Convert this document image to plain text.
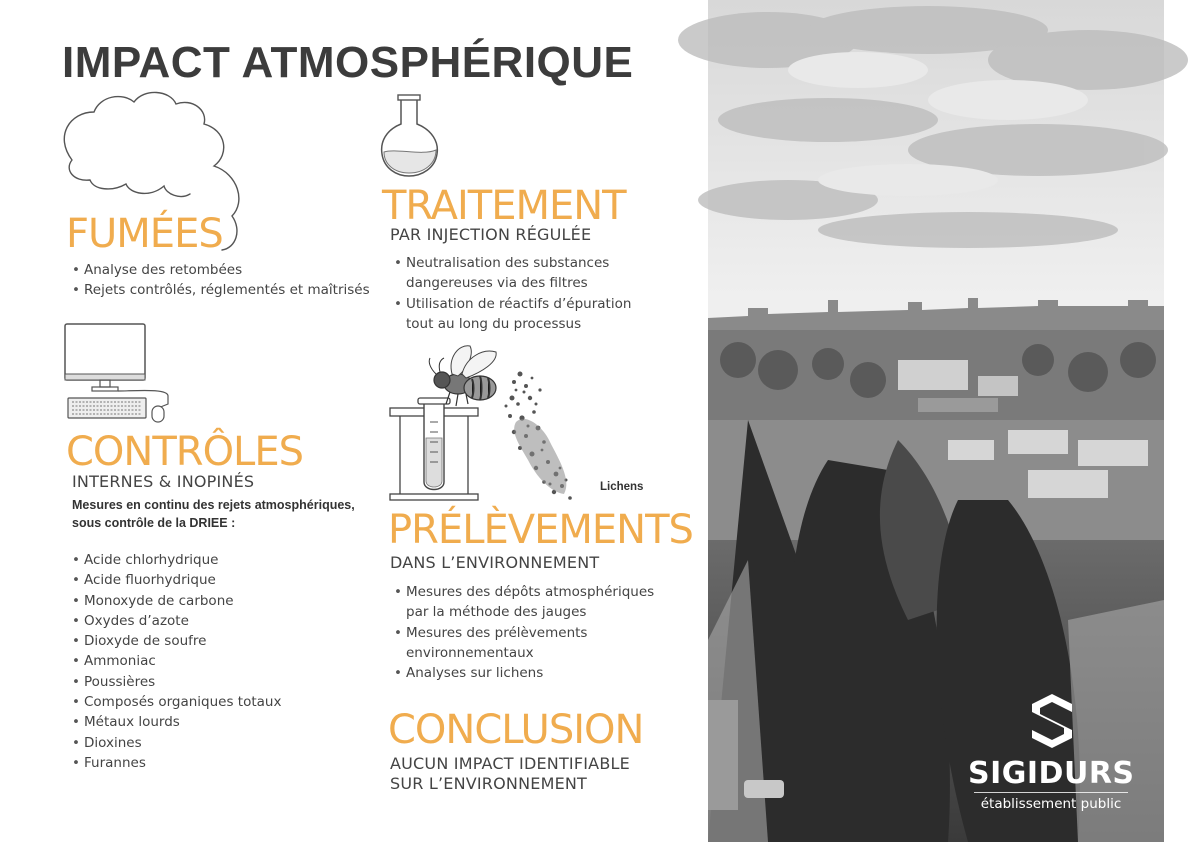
IMPACT ATMOSPHÉRIQUE
FUMÉES
• Analyse des retombées
• Rejets contrôlés, réglementés et maîtrisés
CONTRÔLES

INTERNES & INOPINÉS

Mesures en continu des rejets atmosphériques,

sous contrôle de la DRIEE :

• Acide chlorhydrique
• Acide fluorhydrique
• Monoxyde de carbone
• Oxydes d’azote
• Dioxyde de soufre
• Ammoniac
• Poussières
• Composés organiques totaux
• Métaux lourds
• Dioxines
• Furannes
TRAITEMENT

PAR INJECTION RÉGULÉE

• Neutralisation des substances
dangereuses via des filtres
• Utilisation de réactifs d’épuration
tout au long du processus
Lichens
PRÉLÈVEMENTS

DANS L’ENVIRONNEMENT

• Mesures des dépôts atmosphériques
par la méthode des jauges
• Mesures des prélèvements
environnementaux
• Analyses sur lichens
CONCLUSION

AUCUN IMPACT IDENTIFIABLE

SUR L’ENVIRONNEMENT	SIGIDURS
établissement public
